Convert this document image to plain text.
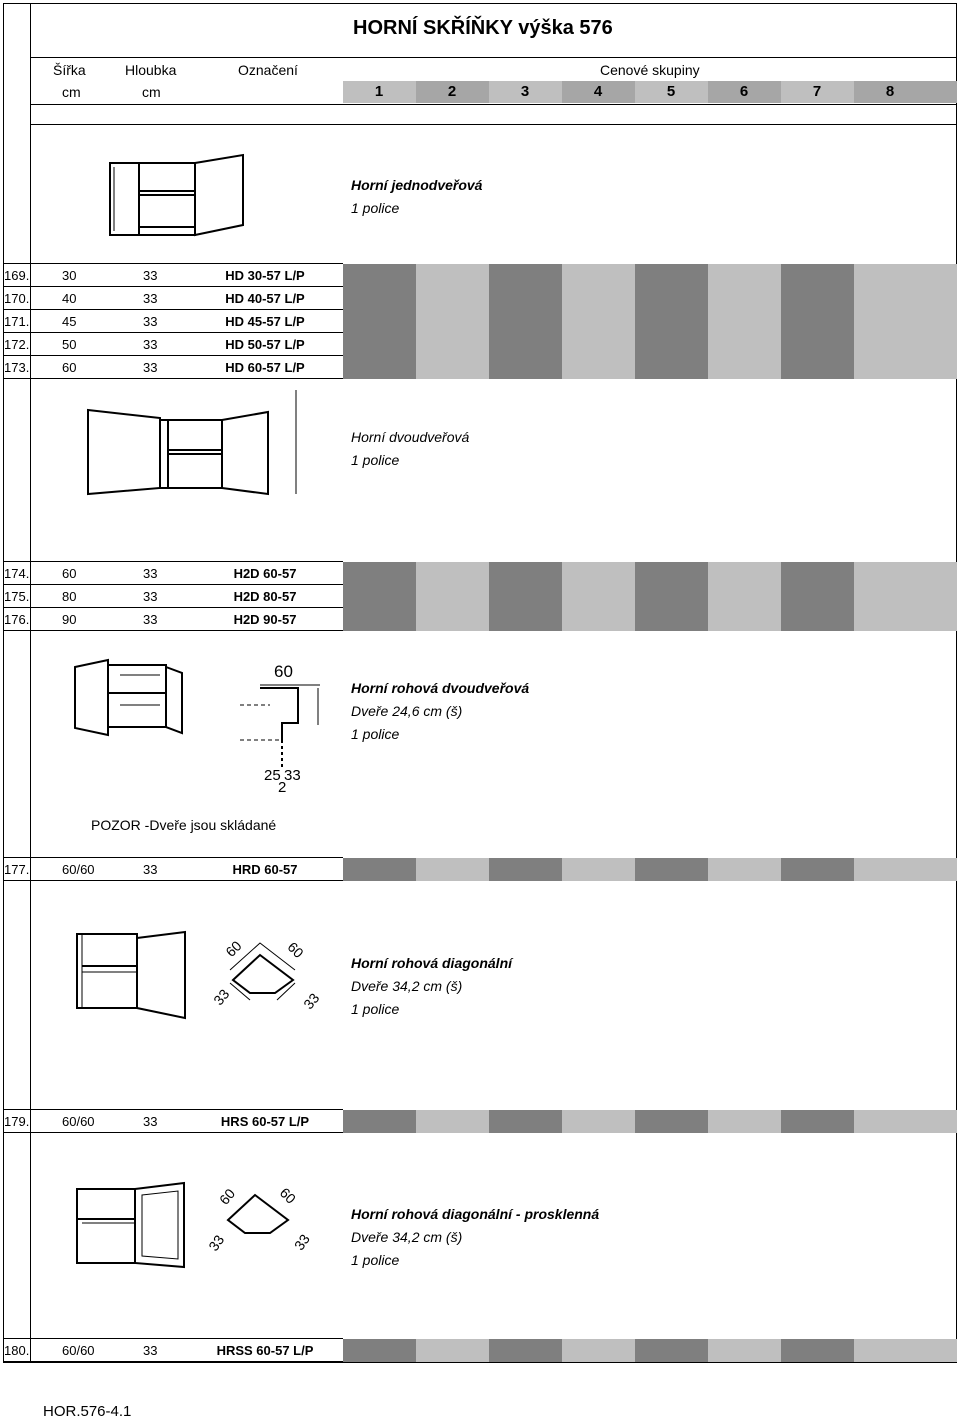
HORNÍ SKŘÍŇKY výška 576
Šířka	Hloubka	Označení	Cenové skupiny
cm	cm	1	2	3	4	5	6	7	8
Horní jednodveřová
1 police
169.	30	33	HD 30-57 L/P
170.	40	33	HD 40-57 L/P
171.	45	33	HD 45-57 L/P
172.	50	33	HD 50-57 L/P
173.	60	33	HD 60-57 L/P
Horní dvoudveřová
1 police
174.	60	33	H2D 60-57
175.	80	33	H2D 80-57
176.	90	33	H2D 90-57
60
25 33
2
Horní rohová dvoudveřová
Dveře 24,6 cm (š)
1 police
POZOR -Dveře jsou skládané
177.	60/60	33	HRD 60-57
60	60
33	33
Horní rohová diagonální
Dveře 34,2 cm (š)
1 police
179.	60/60	33	HRS 60-57 L/P
60	60
33	33
Horní rohová diagonální - prosklenná
Dveře 34,2 cm (š)
1 police
180.	60/60	33	HRSS 60-57 L/P
HOR.576-4.1
